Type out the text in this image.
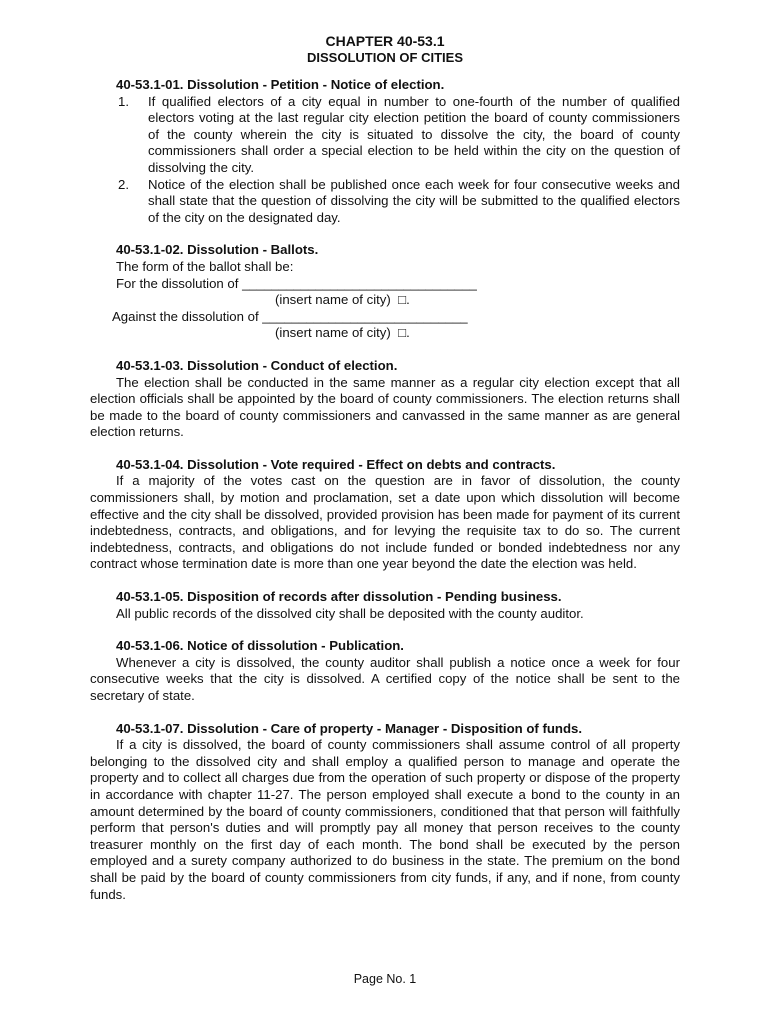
CHAPTER 40-53.1
DISSOLUTION OF CITIES
40-53.1-01. Dissolution - Petition - Notice of election.
1. If qualified electors of a city equal in number to one-fourth of the number of qualified electors voting at the last regular city election petition the board of county commissioners of the county wherein the city is situated to dissolve the city, the board of county commissioners shall order a special election to be held within the city on the question of dissolving the city.
2. Notice of the election shall be published once each week for four consecutive weeks and shall state that the question of dissolving the city will be submitted to the qualified electors of the city on the designated day.
40-53.1-02. Dissolution - Ballots.
The form of the ballot shall be:
For the dissolution of ________________________________
(insert name of city)  □.
Against the dissolution of ____________________________
(insert name of city)  □.
40-53.1-03. Dissolution - Conduct of election.

The election shall be conducted in the same manner as a regular city election except that all election officials shall be appointed by the board of county commissioners. The election returns shall be made to the board of county commissioners and canvassed in the same manner as are general election returns.

40-53.1-04. Dissolution - Vote required - Effect on debts and contracts.

If a majority of the votes cast on the question are in favor of dissolution, the county commissioners shall, by motion and proclamation, set a date upon which dissolution will become effective and the city shall be dissolved, provided provision has been made for payment of its current indebtedness, contracts, and obligations, and for levying the requisite tax to do so. The current indebtedness, contracts, and obligations do not include funded or bonded indebtedness nor any contract whose termination date is more than one year beyond the date the election was held.

40-53.1-05. Disposition of records after dissolution - Pending business.

All public records of the dissolved city shall be deposited with the county auditor.

40-53.1-06. Notice of dissolution - Publication.

Whenever a city is dissolved, the county auditor shall publish a notice once a week for four consecutive weeks that the city is dissolved. A certified copy of the notice shall be sent to the secretary of state.

40-53.1-07. Dissolution - Care of property - Manager - Disposition of funds.

If a city is dissolved, the board of county commissioners shall assume control of all property belonging to the dissolved city and shall employ a qualified person to manage and operate the property and to collect all charges due from the operation of such property or dispose of the property in accordance with chapter 11-27. The person employed shall execute a bond to the county in an amount determined by the board of county commissioners, conditioned that that person will faithfully perform that person's duties and will promptly pay all money that person receives to the county treasurer monthly on the first day of each month. The bond shall be executed by the person employed and a surety company authorized to do business in the state. The premium on the bond shall be paid by the board of county commissioners from city funds, if any, and if none, from county funds.

Page No. 1
